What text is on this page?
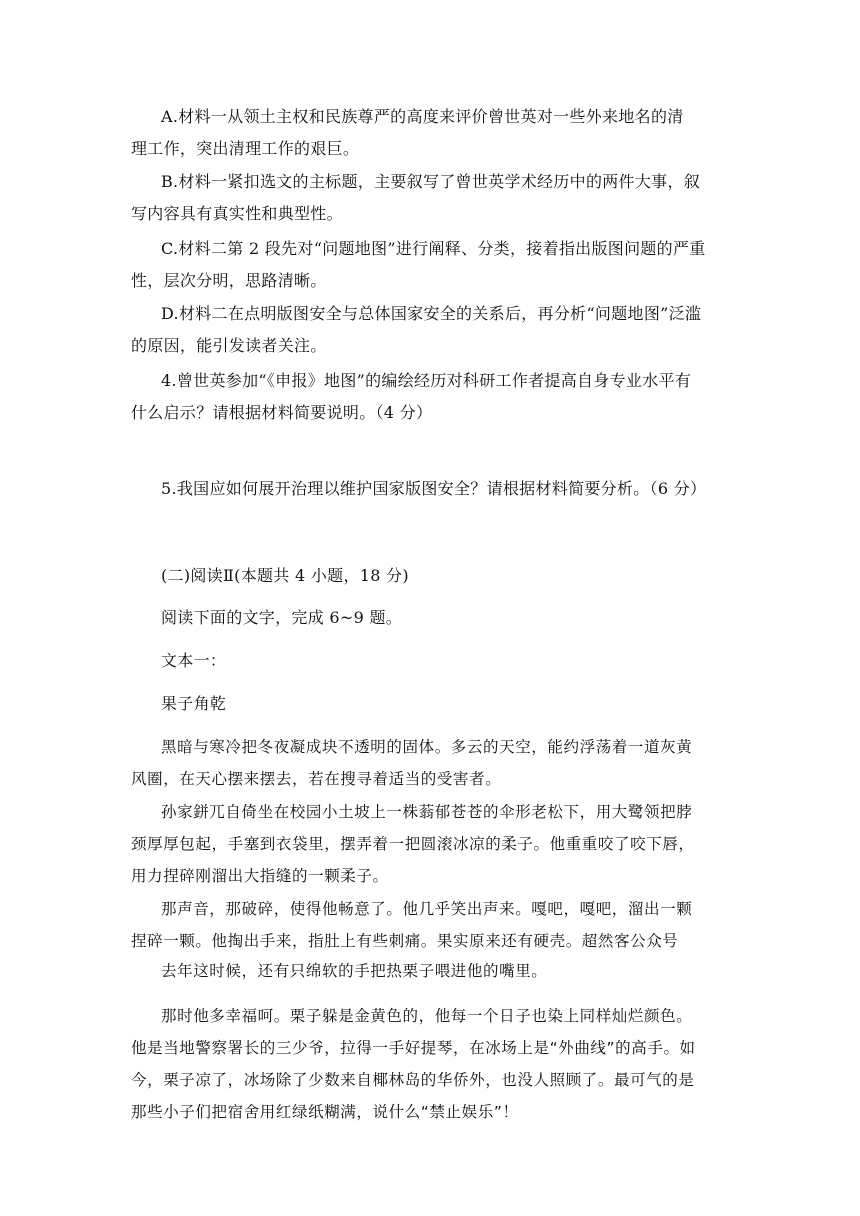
A.材料一从领土主权和民族尊严的高度来评价曾世英对一些外来地名的清
理工作，突出清理工作的艰巨。

B.材料一紧扣选文的主标题，主要叙写了曾世英学术经历中的两件大事，叙
写内容具有真实性和典型性。

C.材料二第 2 段先对“问题地图”进行阐释、分类，接着指出版图问题的严重
性，层次分明，思路清晰。

D.材料二在点明版图安全与总体国家安全的关系后，再分析“问题地图”泛滥
的原因，能引发读者关注。

4.曾世英参加“《申报》地图”的编绘经历对科研工作者提高自身专业水平有
什么启示？请根据材料简要说明。（4 分）

5.我国应如何展开治理以维护国家版图安全？请根据材料简要分析。（6 分）

(二)阅读Ⅱ(本题共 4 小题，18 分)

阅读下面的文字，完成 6~9 题。

文本一：

果子角乾

黑暗与寒冷把冬夜凝成块不透明的固体。多云的天空，能约浮荡着一道灰黄
风圈，在天心摆来摆去，若在搜寻着适当的受害者。

孙家鉼兀自倚坐在校园小土坡上一株蓊郁苍苍的伞形老松下，用大鹭领把脖
颈厚厚包起，手塞到衣袋里，摆弄着一把圆滚冰凉的柔子。他重重咬了咬下唇，
用力捏碎刚溜出大指缝的一颗柔子。

那声音，那破碎，使得他畅意了。他几乎笑出声来。嘎吧，嘎吧，溜出一颗
捏碎一颗。他掏出手来，指肚上有些刺痛。果实原来还有硬壳。超然客公众号

去年这时候，还有只绵软的手把热栗子喂进他的嘴里。

那时他多幸福呵。栗子躲是金黄色的，他每一个日子也染上同样灿烂颜色。
他是当地警察署长的三少爷，拉得一手好提琴，在冰场上是“外曲线”的高手。如
今，栗子凉了，冰场除了少数来自椰林岛的华侨外，也没人照顾了。最可气的是
那些小子们把宿舍用红绿纸糊满，说什么“禁止娱乐”！
